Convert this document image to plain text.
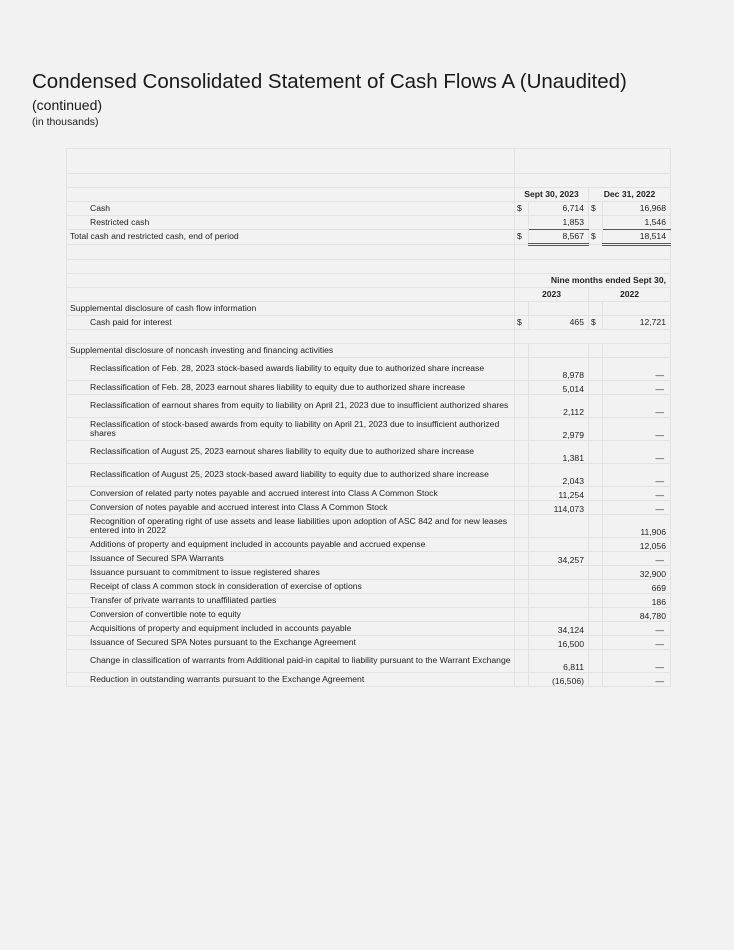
Condensed Consolidated Statement of Cash Flows A (Unaudited)
(continued)
(in thousands)

	Sept 30, 2023		Dec 31, 2022	
Cash	$	6,714	$	16,968
Restricted cash		1,853		1,546
Total cash and restricted cash, end of period	$	8,567	$	18,514

	Nine months ended Sept 30,			
	2023		2022	
Supplemental disclosure of cash flow information				
Cash paid for interest	$	465	$	12,721

Supplemental disclosure of noncash investing and financing activities				
Reclassification of Feb. 28, 2023 stock-based awards liability to equity due to authorized share increase		8,978		—
Reclassification of Feb. 28, 2023 earnout shares liability to equity due to authorized share increase		5,014		—
Reclassification of earnout shares from equity to liability on April 21, 2023 due to insufficient authorized shares		2,112		—
Reclassification of stock-based awards from equity to liability on April 21, 2023 due to insufficient authorized shares		2,979		—
Reclassification of August 25, 2023 earnout shares liability to equity due to authorized share increase		1,381		—
Reclassification of August 25, 2023 stock-based award liability to equity due to authorized share increase		2,043		—
Conversion of related party notes payable and accrued interest into Class A Common Stock		11,254		—
Conversion of notes payable and accrued interest into Class A Common Stock		114,073		—
Recognition of operating right of use assets and lease liabilities upon adoption of ASC 842 and for new leases entered into in 2022				11,906
Additions of property and equipment included in accounts payable and accrued expense				12,056
Issuance of Secured SPA Warrants		34,257		—
Issuance pursuant to commitment to issue registered shares				32,900
Receipt of class A common stock in consideration of exercise of options				669
Transfer of private warrants to unaffiliated parties				186
Conversion of convertible note to equity				84,780
Acquisitions of property and equipment included in accounts payable		34,124		—
Issuance of Secured SPA Notes pursuant to the Exchange Agreement		16,500		—
Change in classification of warrants from Additional paid-in capital to liability pursuant to the Warrant Exchange		6,811		—
Reduction in outstanding warrants pursuant to the Exchange Agreement		(16,506)		—
